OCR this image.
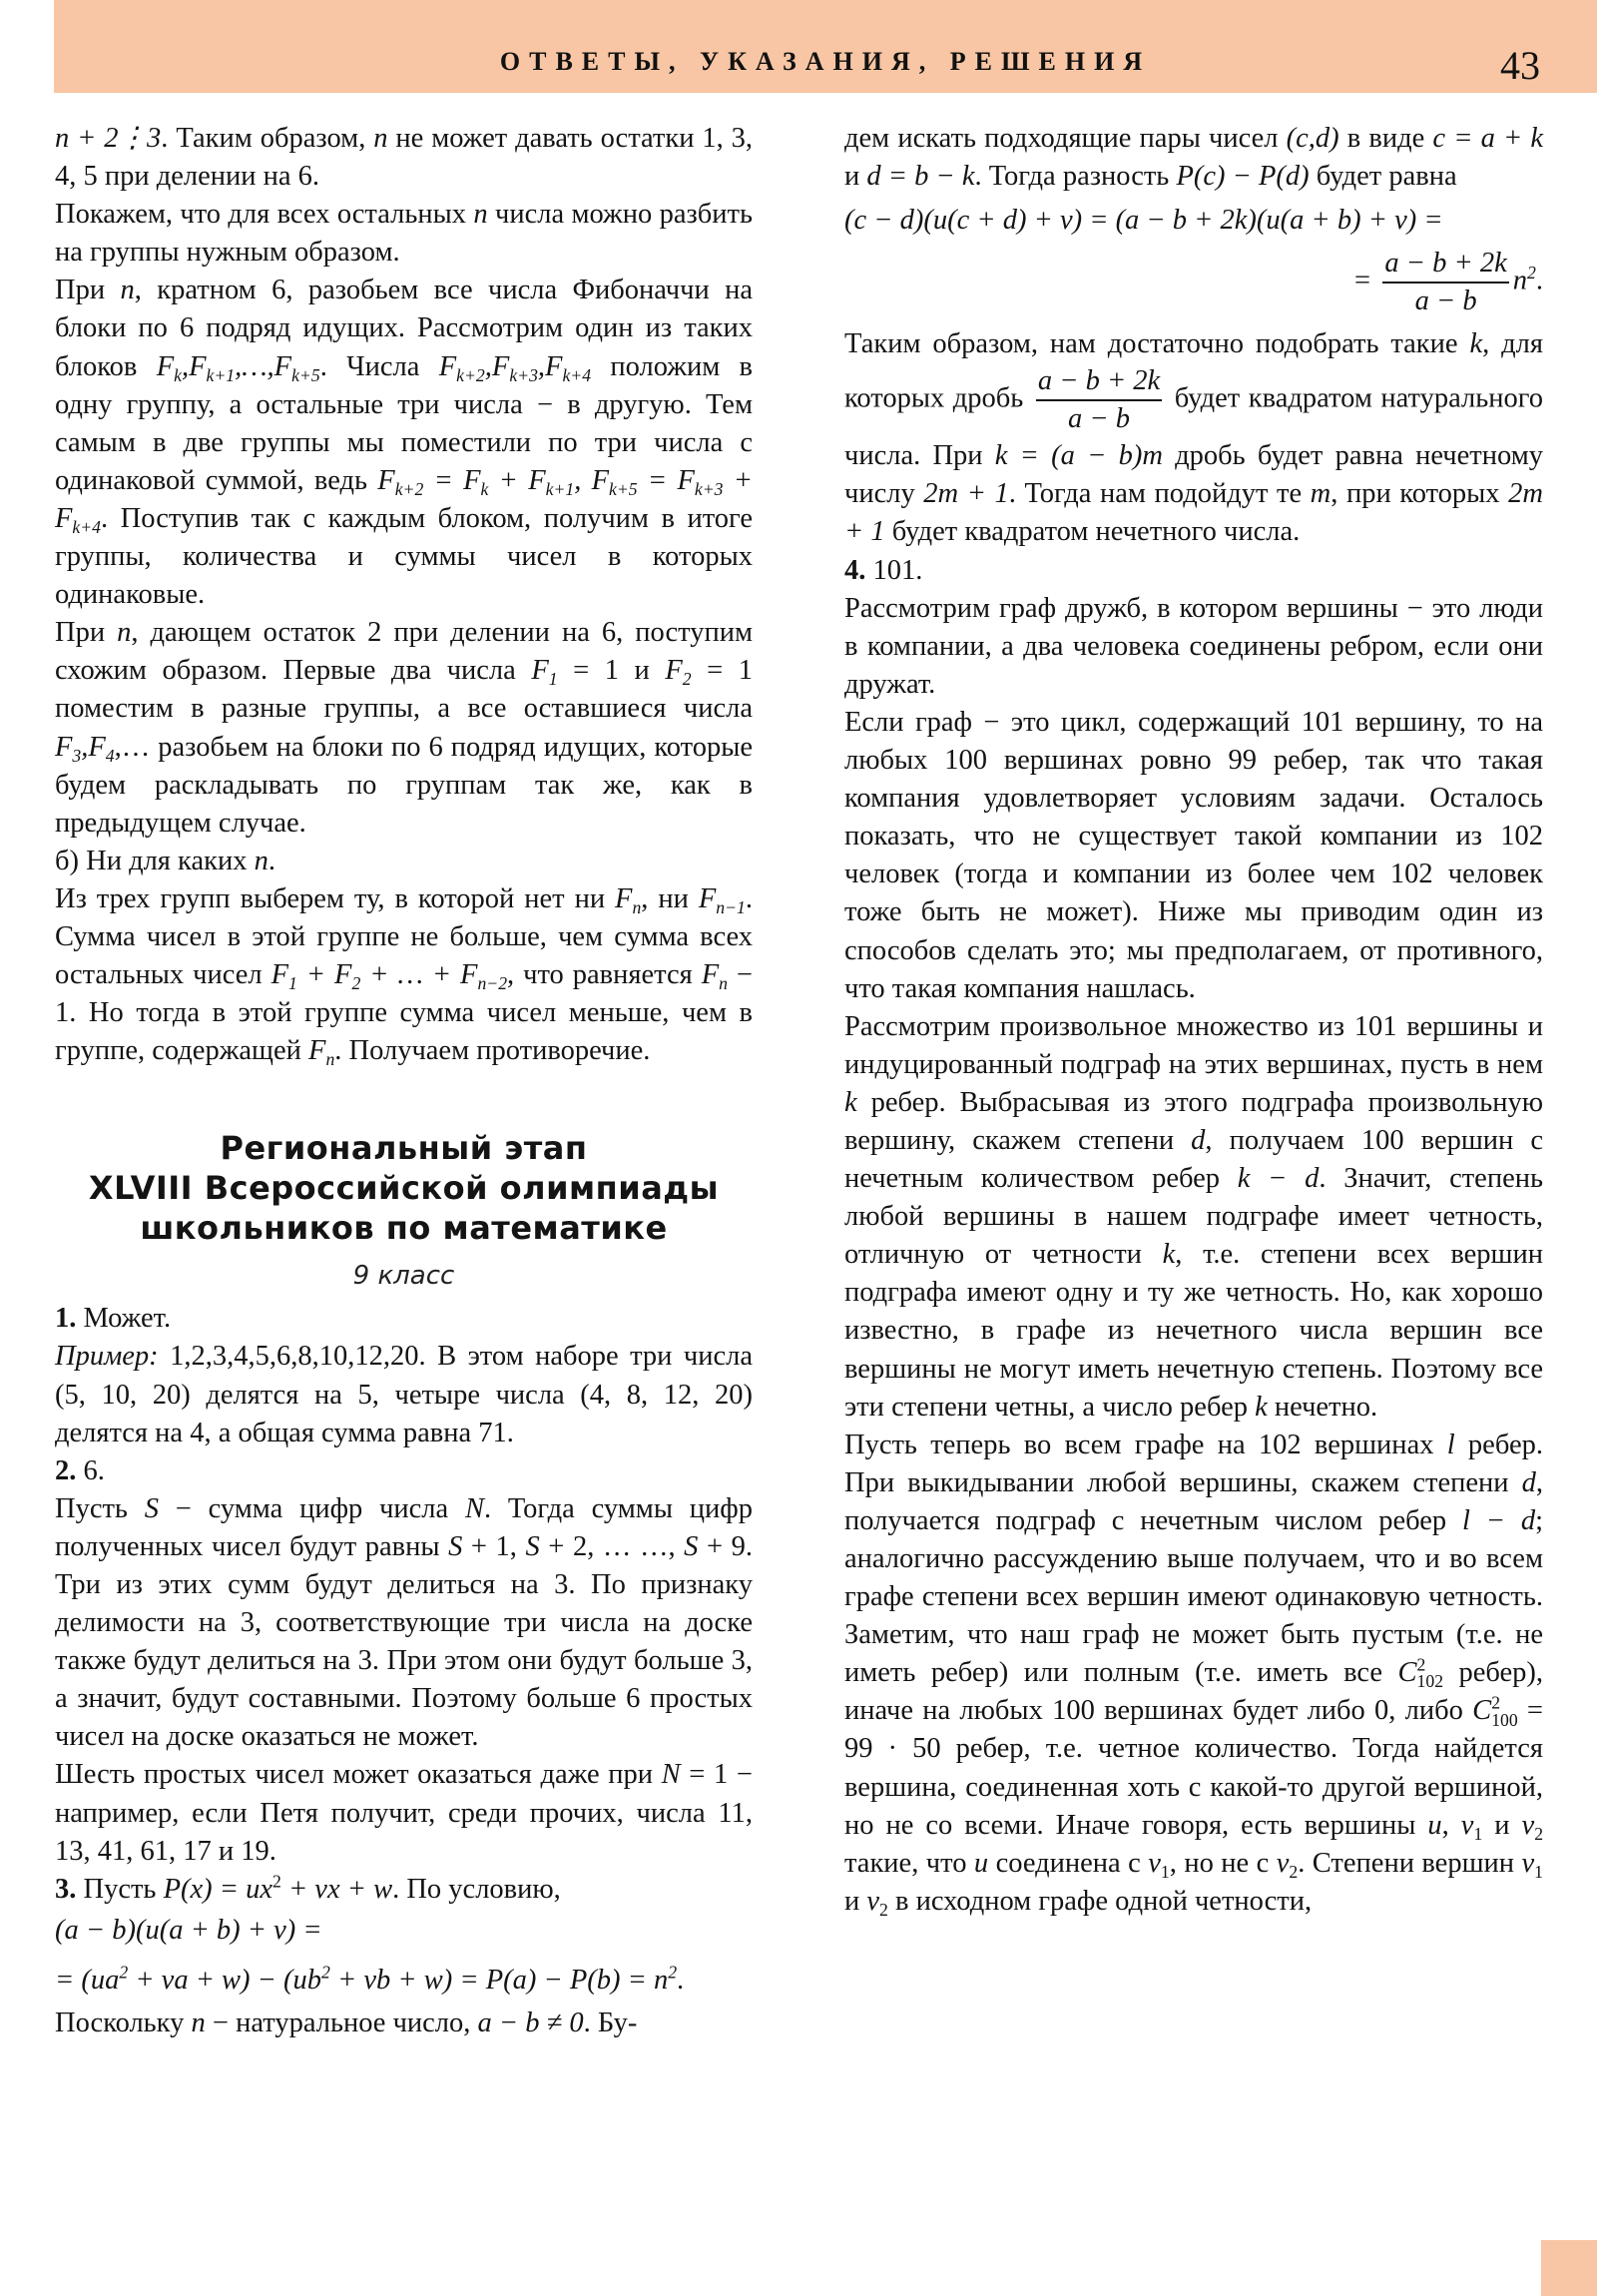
ОТВЕТЫ, УКАЗАНИЯ, РЕШЕНИЯ	43

n + 2⋮3. Таким образом, n не может давать остатки 1, 3, 4, 5 при делении на 6.

Покажем, что для всех остальных n числа можно разбить на группы нужным образом.

При n, кратном 6, разобьем все числа Фибоначчи на блоки по 6 подряд идущих. Рассмотрим один из таких блоков $F_k,F_{k+1},\dots,F_{k+5}$. Числа $F_{k+2},F_{k+3},F_{k+4}$ положим в одну группу, а остальные три числа − в другую. Тем самым в две группы мы поместили по три числа с одинаковой суммой, ведь $F_{k+2} = F_k + F_{k+1}$, $F_{k+5} = F_{k+3} + F_{k+4}$. Поступив так с каждым блоком, получим в итоге группы, количества и суммы чисел в которых одинаковые.

При n, дающем остаток 2 при делении на 6, поступим схожим образом. Первые два числа $F_1 = 1$ и $F_2 = 1$ поместим в разные группы, а все оставшиеся числа $F_3,F_4,\dots$ разобьем на блоки по 6 подряд идущих, которые будем раскладывать по группам так же, как в предыдущем случае.

б) Ни для каких n.

Из трех групп выберем ту, в которой нет ни $F_n$, ни $F_{n-1}$. Сумма чисел в этой группе не больше, чем сумма всех остальных чисел $F_1 + F_2$ + … + $F_{n-2}$, что равняется $F_n - 1$. Но тогда в этой группе сумма чисел меньше, чем в группе, содержащей $F_n$. Получаем противоречие.

Региональный этап
XLVIII Всероссийской олимпиады
школьников по математике
9 класс

1. Может.

Пример: 1,2,3,4,5,6,8,10,12,20. В этом наборе три числа (5, 10, 20) делятся на 5, четыре числа (4, 8, 12, 20) делятся на 4, а общая сумма равна 71.

2. 6.

Пусть S − сумма цифр числа N. Тогда суммы цифр полученных чисел будут равны S + 1, S + 2, … …, S + 9. Три из этих сумм будут делиться на 3. По признаку делимости на 3, соответствующие три числа на доске также будут делиться на 3. При этом они будут больше 3, а значит, будут составными. Поэтому больше 6 простых чисел на доске оказаться не может.

Шесть простых чисел может оказаться даже при N = 1 − например, если Петя получит, среди прочих, числа 11, 13, 41, 61, 17 и 19.

3. Пусть $P(x) = ux^2$ + vx + w. По условию,

(a − b)(u(a + b) + v) =
= ($ua^2$ + va + $w) - (ub^2$ + vb + $w) = P(a) - P(b) = n^2$.

Поскольку n − натуральное число, a − b ≠ 0. Бу-

дем искать подходящие пары чисел (c,d) в виде c = a + k и d = b − k. Тогда разность P(c) − P(d) будет равна

(c − d)(u(c + d) + v) = (a − b + 2k)(u(a + b) + v) =
= $\frac{a - b + 2k}{a - b} n^2$.

Таким образом, нам достаточно подобрать такие k, для которых дробь $\frac{a - b + 2k}{a - b}$ будет квадратом натурального числа. При k = (a − b)m дробь будет равна нечетному числу 2m + 1. Тогда нам подойдут те m, при которых 2m + 1 будет квадратом нечетного числа.

4. 101.

Рассмотрим граф дружб, в котором вершины − это люди в компании, а два человека соединены ребром, если они дружат.

Если граф − это цикл, содержащий 101 вершину, то на любых 100 вершинах ровно 99 ребер, так что такая компания удовлетворяет условиям задачи. Осталось показать, что не существует такой компании из 102 человек (тогда и компании из более чем 102 человек тоже быть не может). Ниже мы приводим один из способов сделать это; мы предполагаем, от противного, что такая компания нашлась.

Рассмотрим произвольное множество из 101 вершины и индуцированный подграф на этих вершинах, пусть в нем k ребер. Выбрасывая из этого подграфа произвольную вершину, скажем степени d, получаем 100 вершин с нечетным количеством ребер k − d. Значит, степень любой вершины в нашем подграфе имеет четность, отличную от четности k, т.е. степени всех вершин подграфа имеют одну и ту же четность. Но, как хорошо известно, в графе из нечетного числа вершин все вершины не могут иметь нечетную степень. Поэтому все эти степени четны, а число ребер k нечетно.

Пусть теперь во всем графе на 102 вершинах l ребер. При выкидывании любой вершины, скажем степени d, получается подграф с нечетным числом ребер l − d; аналогично рассуждению выше получаем, что и во всем графе степени всех вершин имеют одинаковую четность. Заметим, что наш граф не может быть пустым (т.е. не иметь ребер) или полным (т.е. иметь все $C^2_{102}$ ребер), иначе на любых 100 вершинах будет либо 0, либо $C^2_{100} = 99 \cdot 50$ ребер, т.е. четное количество. Тогда найдется вершина, соединенная хоть с какой-то другой вершиной, но не со всеми. Иначе говоря, есть вершины u, $v_1$ и $v_2$ такие, что u соединена с $v_1$, но не с $v_2$. Степени вершин $v_1$ и $v_2$ в исходном графе одной четности,
